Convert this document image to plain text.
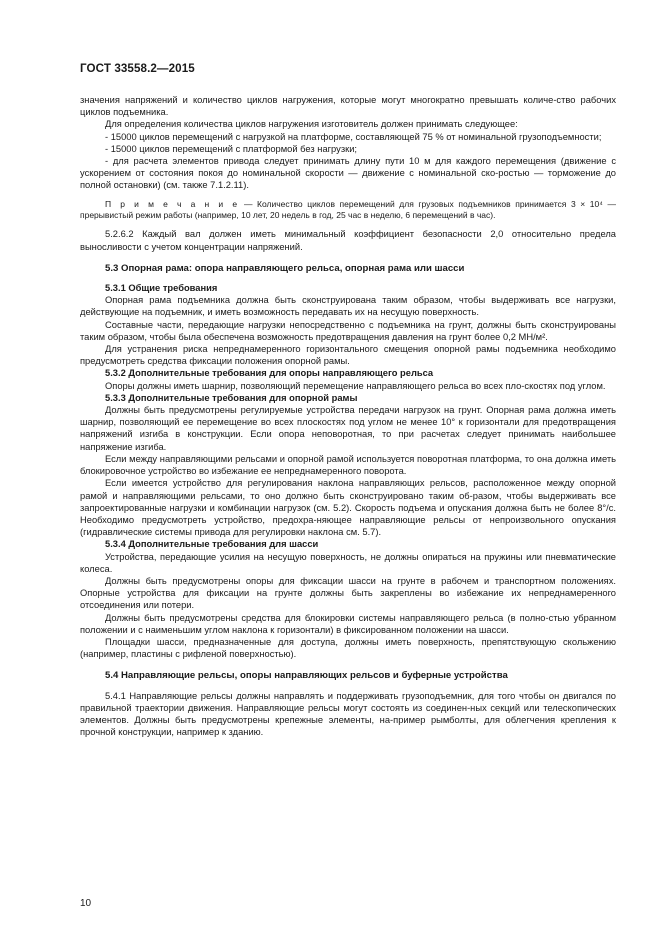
ГОСТ 33558.2—2015

значения напряжений и количество циклов нагружения, которые могут многократно превышать количе-ство рабочих циклов подъемника.

Для определения количества циклов нагружения изготовитель должен принимать следующее:

- 15000 циклов перемещений с нагрузкой на платформе, составляющей 75 % от номинальной грузоподъемности;

- 15000 циклов перемещений с платформой без нагрузки;

- для расчета элементов привода следует принимать длину пути 10 м для каждого перемещения (движение с ускорением от состояния покоя до номинальной скорости — движение с номинальной ско-ростью — торможение до полной остановки) (см. также 7.1.2.11).

П р и м е ч а н и е — Количество циклов перемещений для грузовых подъемников принимается 3 × 10⁴ — прерывистый режим работы (например, 10 лет, 20 недель в год, 25 час в неделю, 6 перемещений в час).

5.2.6.2 Каждый вал должен иметь минимальный коэффициент безопасности 2,0 относительно предела выносливости с учетом концентрации напряжений.

5.3 Опорная рама: опора направляющего рельса, опорная рама или шасси

5.3.1 Общие требования

Опорная рама подъемника должна быть сконструирована таким образом, чтобы выдерживать все нагрузки, действующие на подъемник, и иметь возможность передавать их на несущую поверхность.

Составные части, передающие нагрузки непосредственно с подъемника на грунт, должны быть сконструированы таким образом, чтобы была обеспечена возможность предотвращения давления на грунт более 0,2 МН/м².

Для устранения риска непреднамеренного горизонтального смещения опорной рамы подъемника необходимо предусмотреть средства фиксации положения опорной рамы.

5.3.2 Дополнительные требования для опоры направляющего рельса

Опоры должны иметь шарнир, позволяющий перемещение направляющего рельса во всех пло-скостях под углом.

5.3.3 Дополнительные требования для опорной рамы

Должны быть предусмотрены регулируемые устройства передачи нагрузок на грунт. Опорная рама должна иметь шарнир, позволяющий ее перемещение во всех плоскостях под углом не менее 10° к горизонтали для предотвращения напряжений изгиба в конструкции. Если опора неповоротная, то при расчетах следует принимать наибольшее напряжение изгиба.

Если между направляющими рельсами и опорной рамой используется поворотная платформа, то она должна иметь блокировочное устройство во избежание ее непреднамеренного поворота.

Если имеется устройство для регулирования наклона направляющих рельсов, расположенное между опорной рамой и направляющими рельсами, то оно должно быть сконструировано таким об-разом, чтобы выдерживать все запроектированные нагрузки и комбинации нагрузок (см. 5.2). Скорость подъема и опускания должна быть не более 8°/с. Необходимо предусмотреть устройство, предохра-няющее направляющие рельсы от непроизвольного опускания (гидравлические системы привода для регулировки наклона см. 5.7).

5.3.4 Дополнительные требования для шасси

Устройства, передающие усилия на несущую поверхность, не должны опираться на пружины или пневматические колеса.

Должны быть предусмотрены опоры для фиксации шасси на грунте в рабочем и транспортном положениях. Опорные устройства для фиксации на грунте должны быть закреплены во избежание их непреднамеренного отсоединения или потери.

Должны быть предусмотрены средства для блокировки системы направляющего рельса (в полно-стью убранном положении и с наименьшим углом наклона к горизонтали) в фиксированном положении на шасси.

Площадки шасси, предназначенные для доступа, должны иметь поверхность, препятствующую скольжению (например, пластины с рифленой поверхностью).

5.4 Направляющие рельсы, опоры направляющих рельсов и буферные устройства

5.4.1 Направляющие рельсы должны направлять и поддерживать грузоподъемник, для того чтобы он двигался по правильной траектории движения. Направляющие рельсы могут состоять из соединен-ных секций или телескопических элементов. Должны быть предусмотрены крепежные элементы, на-пример рымболты, для облегчения крепления к прочной конструкции, например к зданию.

10
